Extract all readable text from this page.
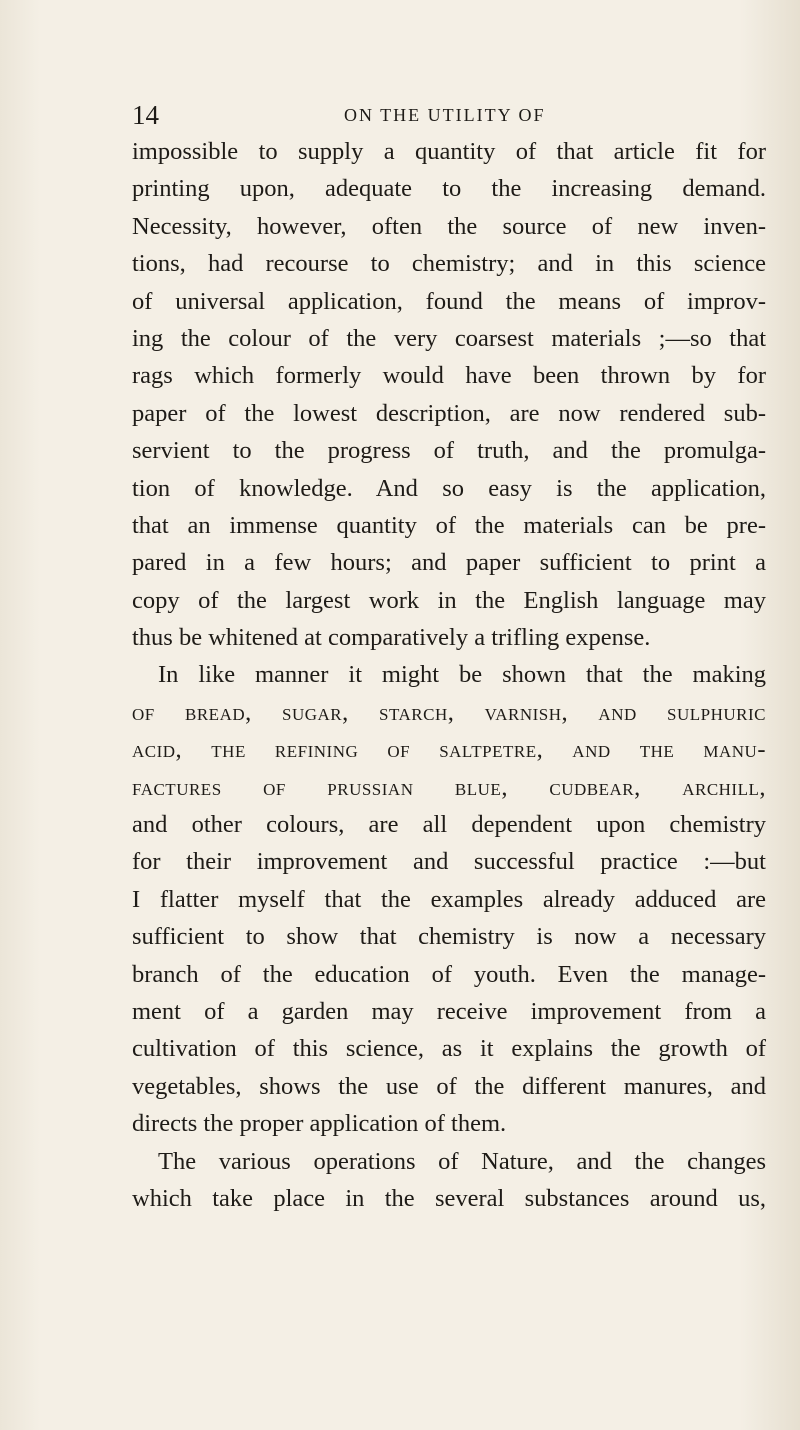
14	ON THE UTILITY OF
impossible to supply a quantity of that article fit for
printing upon, adequate to the increasing demand.
Necessity, however, often the source of new inven-
tions, had recourse to chemistry; and in this science
of universal application, found the means of improv-
ing the colour of the very coarsest materials ;—so that
rags which formerly would have been thrown by for
paper of the lowest description, are now rendered sub-
servient to the progress of truth, and the promulga-
tion of knowledge. And so easy is the application,
that an immense quantity of the materials can be pre-
pared in a few hours; and paper sufficient to print a
copy of the largest work in the English language may
thus be whitened at comparatively a trifling expense.
In like manner it might be shown that the making
of bread, sugar, starch, varnish, and sulphuric
acid, the refining of saltpetre, and the manu-
factures of prussian blue, cudbear, archill,
and other colours, are all dependent upon chemistry
for their improvement and successful practice :—but
I flatter myself that the examples already adduced are
sufficient to show that chemistry is now a necessary
branch of the education of youth. Even the manage-
ment of a garden may receive improvement from a
cultivation of this science, as it explains the growth of
vegetables, shows the use of the different manures, and
directs the proper application of them.
The various operations of Nature, and the changes
which take place in the several substances around us,
